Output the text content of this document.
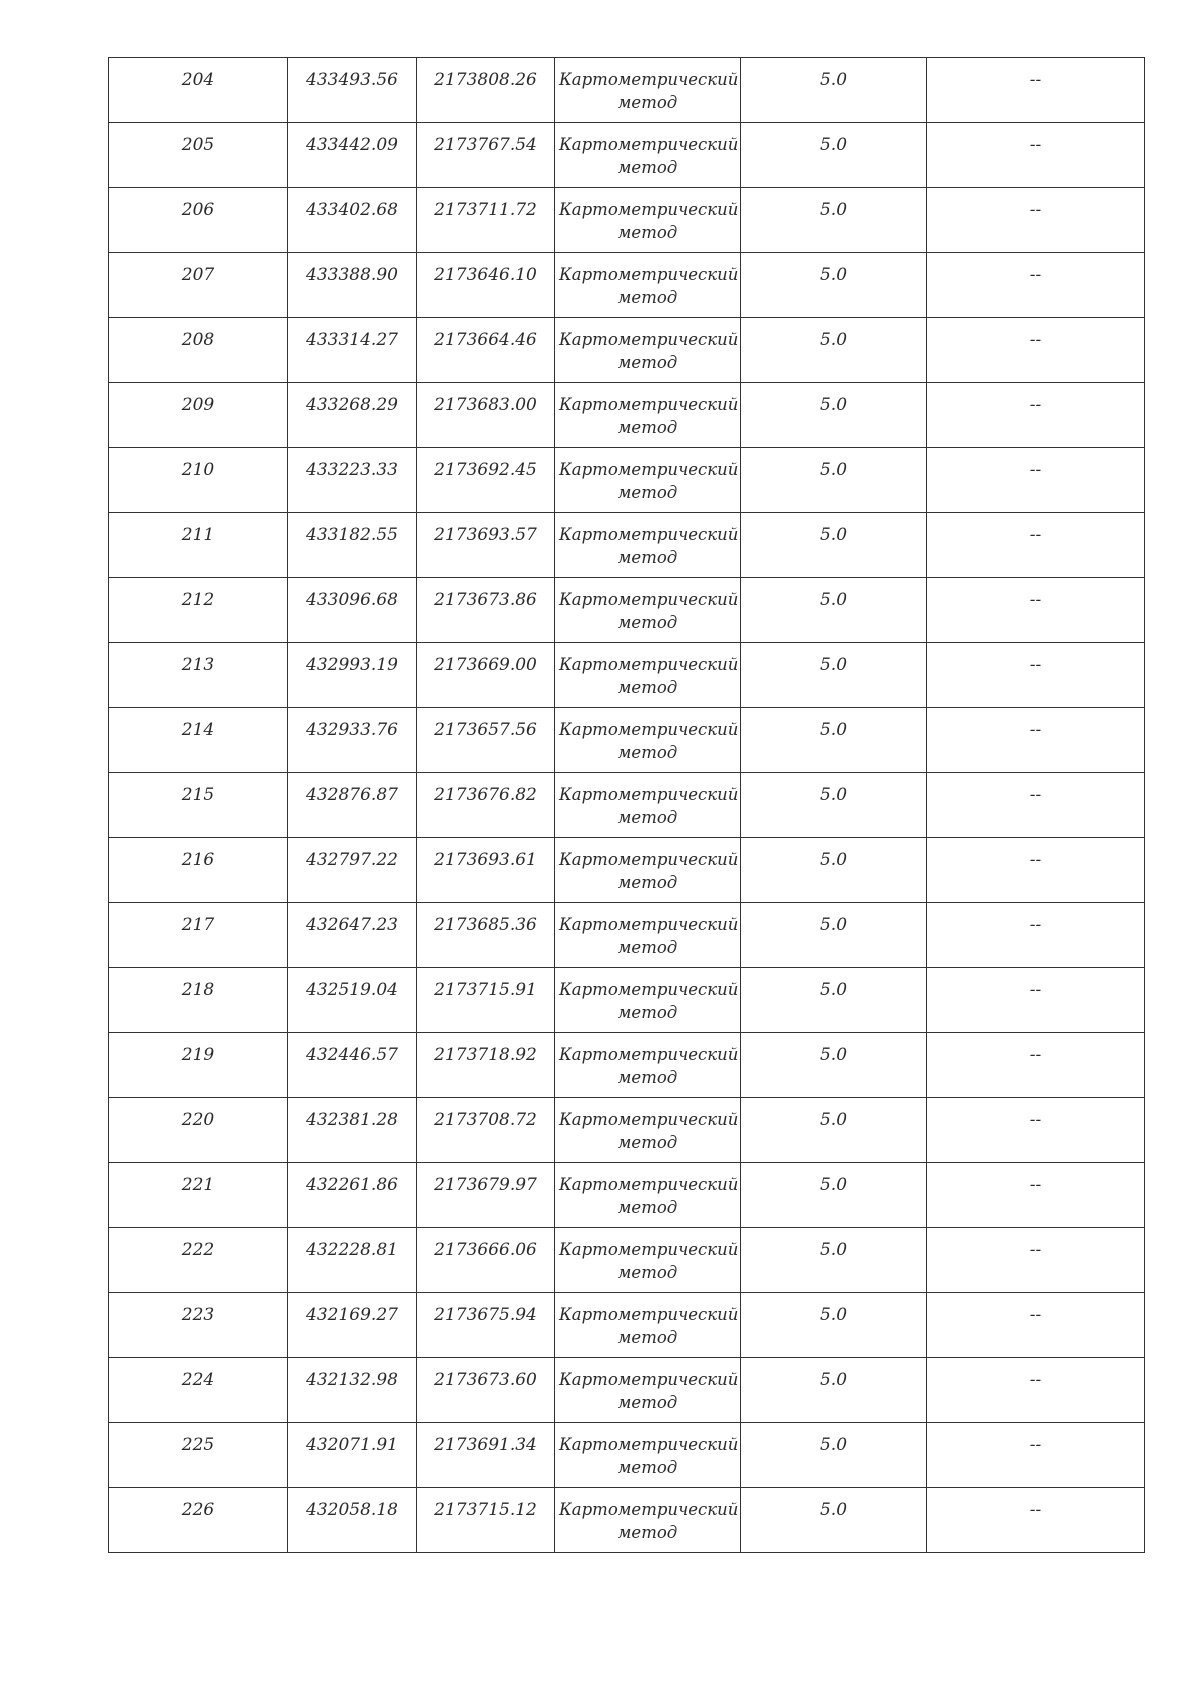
204	433493.56	2173808.26	Картометрический
метод	5.0	--
205	433442.09	2173767.54	Картометрический
метод	5.0	--
206	433402.68	2173711.72	Картометрический
метод	5.0	--
207	433388.90	2173646.10	Картометрический
метод	5.0	--
208	433314.27	2173664.46	Картометрический
метод	5.0	--
209	433268.29	2173683.00	Картометрический
метод	5.0	--
210	433223.33	2173692.45	Картометрический
метод	5.0	--
211	433182.55	2173693.57	Картометрический
метод	5.0	--
212	433096.68	2173673.86	Картометрический
метод	5.0	--
213	432993.19	2173669.00	Картометрический
метод	5.0	--
214	432933.76	2173657.56	Картометрический
метод	5.0	--
215	432876.87	2173676.82	Картометрический
метод	5.0	--
216	432797.22	2173693.61	Картометрический
метод	5.0	--
217	432647.23	2173685.36	Картометрический
метод	5.0	--
218	432519.04	2173715.91	Картометрический
метод	5.0	--
219	432446.57	2173718.92	Картометрический
метод	5.0	--
220	432381.28	2173708.72	Картометрический
метод	5.0	--
221	432261.86	2173679.97	Картометрический
метод	5.0	--
222	432228.81	2173666.06	Картометрический
метод	5.0	--
223	432169.27	2173675.94	Картометрический
метод	5.0	--
224	432132.98	2173673.60	Картометрический
метод	5.0	--
225	432071.91	2173691.34	Картометрический
метод	5.0	--
226	432058.18	2173715.12	Картометрический
метод	5.0	--
